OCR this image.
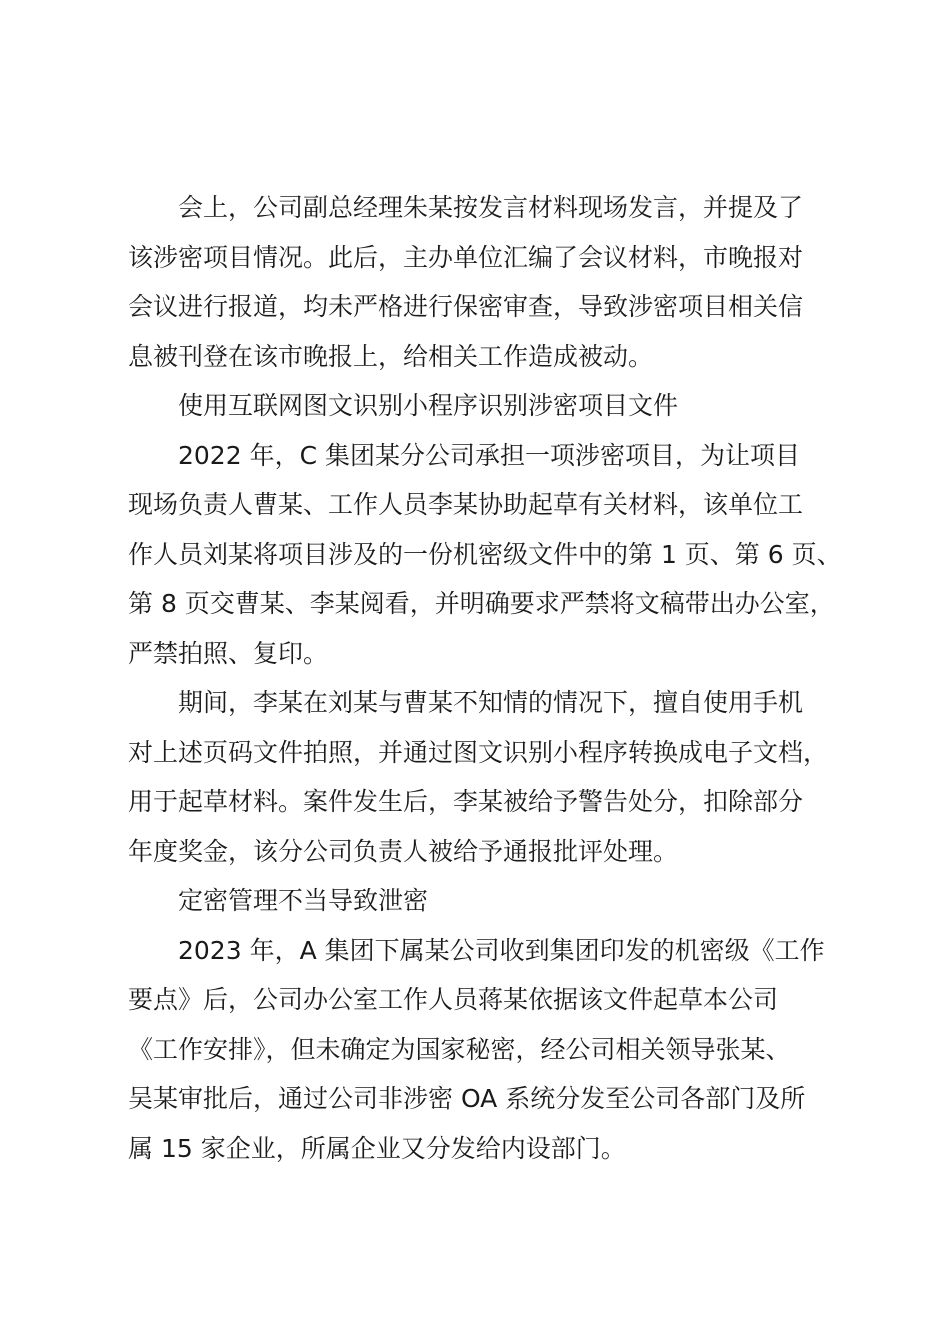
会上，公司副总经理朱某按发言材料现场发言，并提及了
该涉密项目情况。此后，主办单位汇编了会议材料，市晚报对
会议进行报道，均未严格进行保密审查，导致涉密项目相关信
息被刊登在该市晚报上，给相关工作造成被动。
使用互联网图文识别小程序识别涉密项目文件
2022 年，C 集团某分公司承担一项涉密项目，为让项目
现场负责人曹某、工作人员李某协助起草有关材料，该单位工
作人员刘某将项目涉及的一份机密级文件中的第 1 页、第 6 页、
第 8 页交曹某、李某阅看，并明确要求严禁将文稿带出办公室，
严禁拍照、复印。
期间，李某在刘某与曹某不知情的情况下，擅自使用手机
对上述页码文件拍照，并通过图文识别小程序转换成电子文档，
用于起草材料。案件发生后，李某被给予警告处分，扣除部分
年度奖金，该分公司负责人被给予通报批评处理。
定密管理不当导致泄密
2023 年，A 集团下属某公司收到集团印发的机密级《工作
要点》后，公司办公室工作人员蒋某依据该文件起草本公司
《工作安排》，但未确定为国家秘密，经公司相关领导张某、
吴某审批后，通过公司非涉密 OA 系统分发至公司各部门及所
属 15 家企业，所属企业又分发给内设部门。
